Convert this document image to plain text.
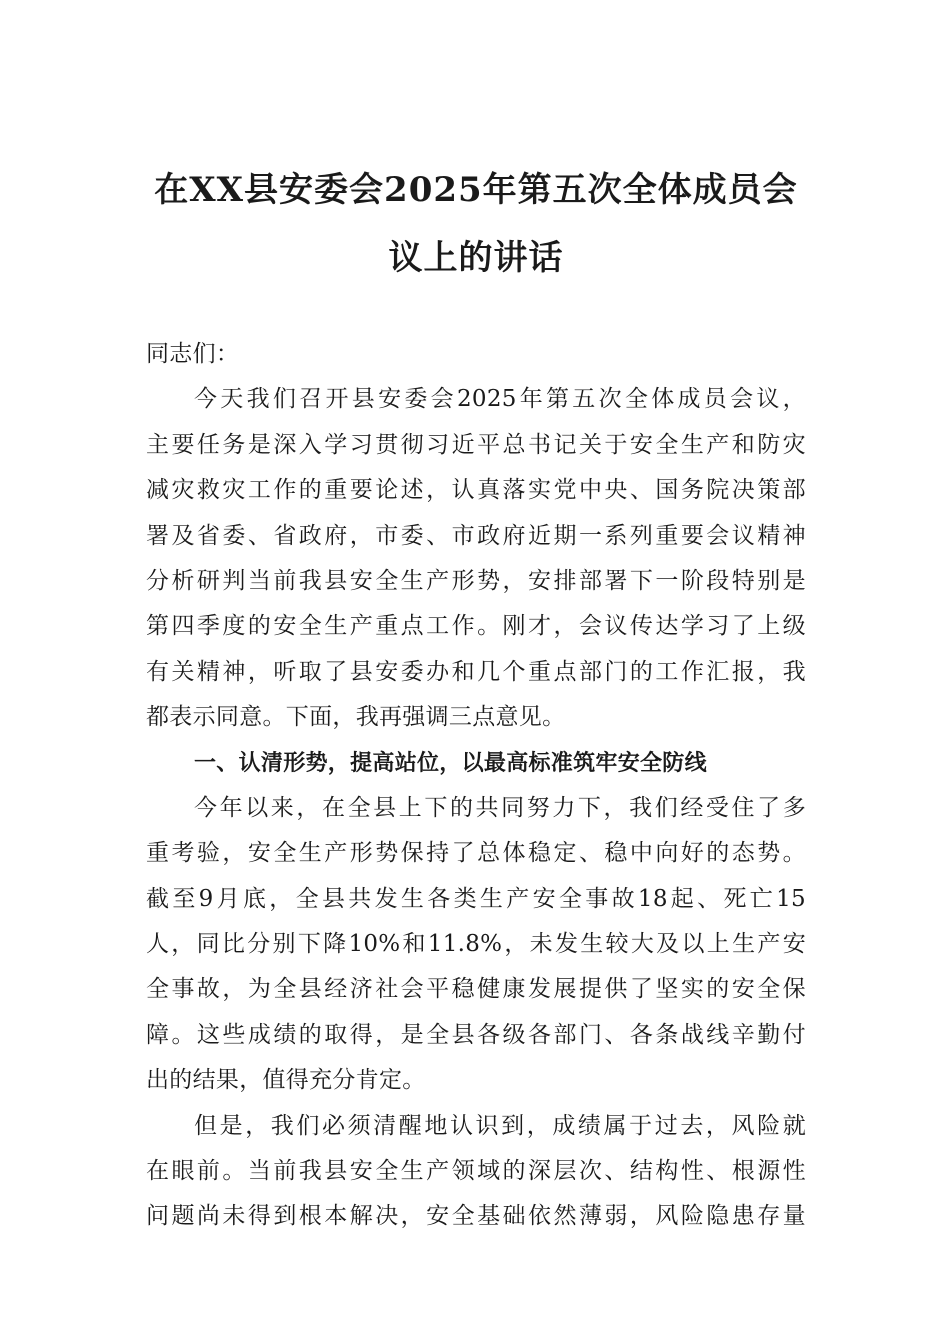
在XX县安委会2025年第五次全体成员会
议上的讲话
同志们：
今天我们召开县安委会2025年第五次全体成员会议，
主要任务是深入学习贯彻习近平总书记关于安全生产和防灾
减灾救灾工作的重要论述，认真落实党中央、国务院决策部
署及省委、省政府，市委、市政府近期一系列重要会议精神
分析研判当前我县安全生产形势，安排部署下一阶段特别是
第四季度的安全生产重点工作。刚才，会议传达学习了上级
有关精神，听取了县安委办和几个重点部门的工作汇报，我
都表示同意。下面，我再强调三点意见。
一、认清形势，提高站位，以最高标准筑牢安全防线
今年以来，在全县上下的共同努力下，我们经受住了多
重考验，安全生产形势保持了总体稳定、稳中向好的态势。
截至9月底，全县共发生各类生产安全事故18起、死亡15
人，同比分别下降10%和11.8%，未发生较大及以上生产安
全事故，为全县经济社会平稳健康发展提供了坚实的安全保
障。这些成绩的取得，是全县各级各部门、各条战线辛勤付
出的结果，值得充分肯定。
但是，我们必须清醒地认识到，成绩属于过去，风险就
在眼前。当前我县安全生产领域的深层次、结构性、根源性
问题尚未得到根本解决，安全基础依然薄弱，风险隐患存量
